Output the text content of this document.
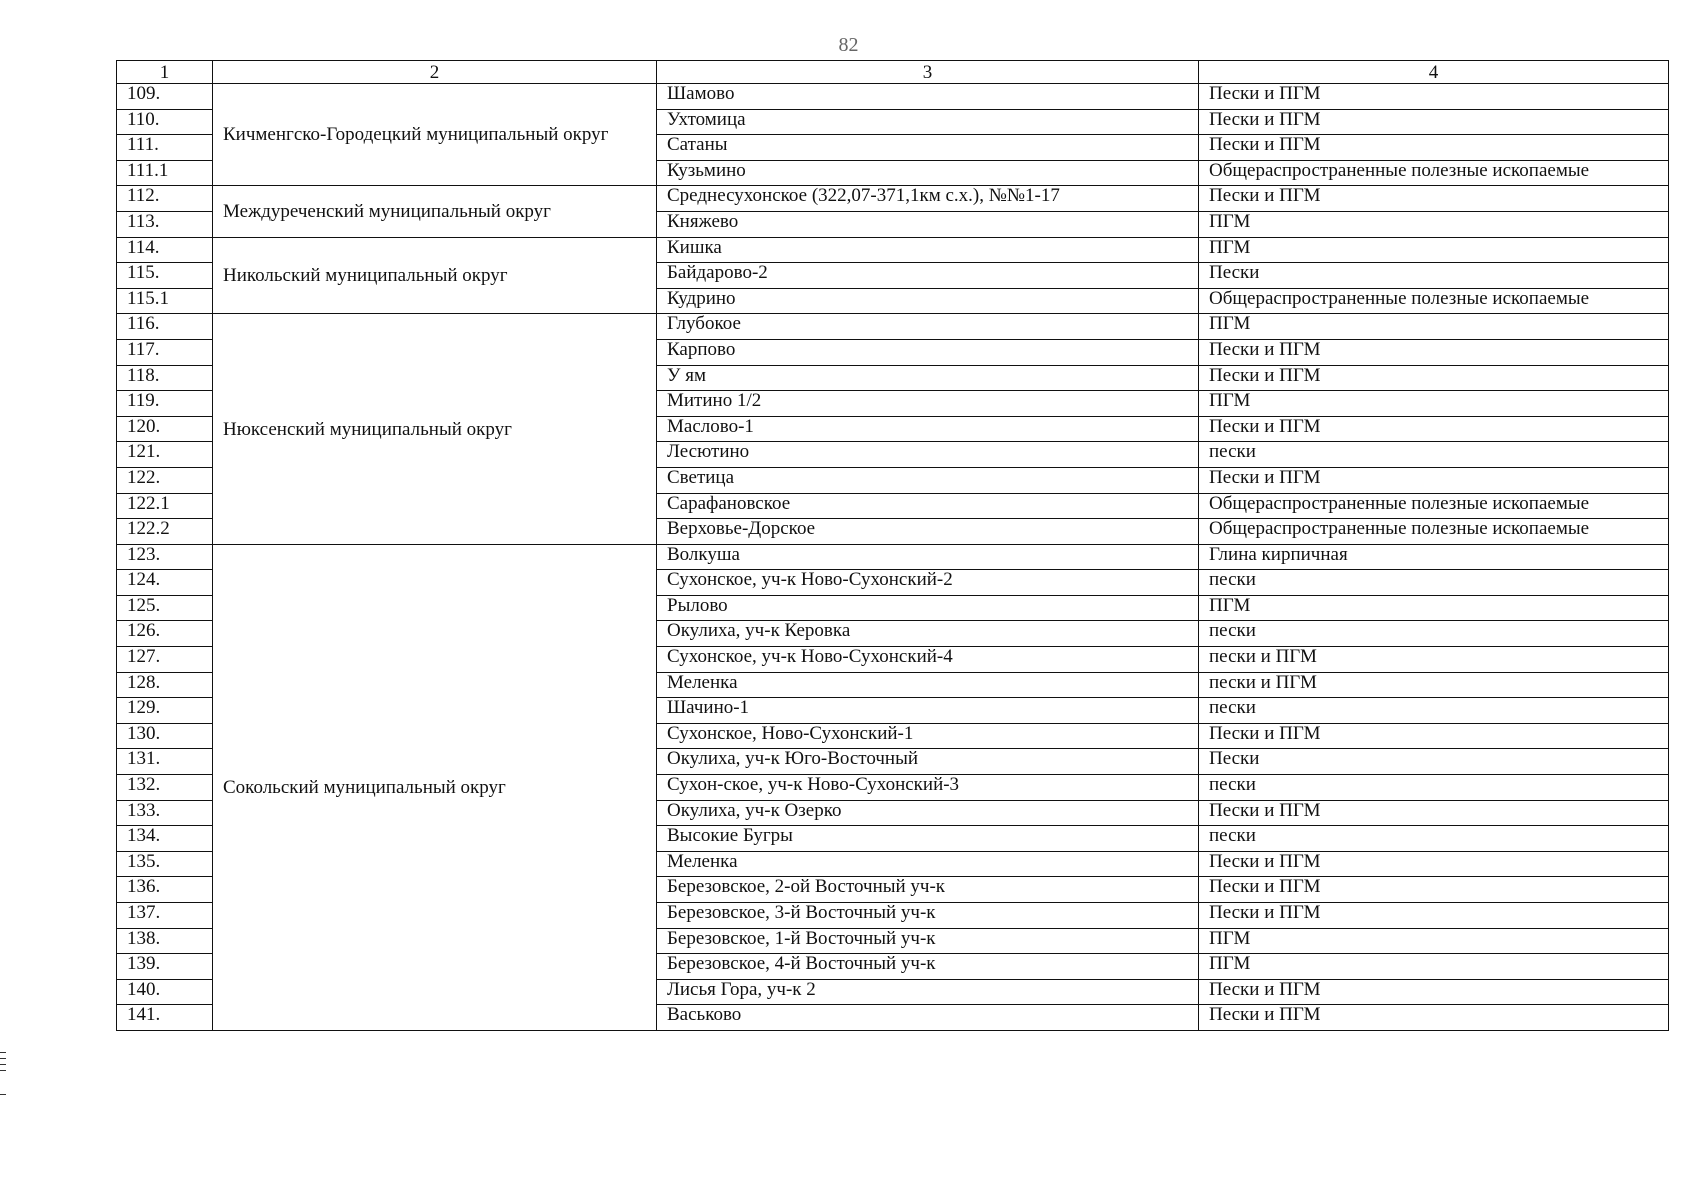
82
1	2	3	4
109.	Кичменгско-Городецкий муниципальный округ	Шамово	Пески и ПГМ
110.		Ухтомица	Пески и ПГМ
111.		Сатаны	Пески и ПГМ
111.1		Кузьмино	Общераспространенные полезные ископаемые
112.	Междуреченский муниципальный округ	Среднесухонское (322,07-371,1км с.х.), №№1-17	Пески и ПГМ
113.		Княжево	ПГМ
114.	Никольский муниципальный округ	Кишка	ПГМ
115.		Байдарово-2	Пески
115.1		Кудрино	Общераспространенные полезные ископаемые
116.	Нюксенский муниципальный округ	Глубокое	ПГМ
117.		Карпово	Пески и ПГМ
118.		У ям	Пески и ПГМ
119.		Митино 1/2	ПГМ
120.		Маслово-1	Пески и ПГМ
121.		Лесютино	пески
122.		Светица	Пески и ПГМ
122.1		Сарафановское	Общераспространенные полезные ископаемые
122.2		Верховье-Дорское	Общераспространенные полезные ископаемые
123.	Сокольский муниципальный округ	Волкуша	Глина кирпичная
124.		Сухонское, уч-к Ново-Сухонский-2	пески
125.		Рылово	ПГМ
126.		Окулиха, уч-к Керовка	пески
127.		Сухонское, уч-к Ново-Сухонский-4	пески и ПГМ
128.		Меленка	пески и ПГМ
129.		Шачино-1	пески
130.		Сухонское, Ново-Сухонский-1	Пески и ПГМ
131.		Окулиха, уч-к Юго-Восточный	Пески
132.		Сухон-ское, уч-к Ново-Сухонский-3	пески
133.		Окулиха, уч-к Озерко	Пески и ПГМ
134.		Высокие Бугры	пески
135.		Меленка	Пески и ПГМ
136.		Березовское, 2-ой Восточный уч-к	Пески и ПГМ
137.		Березовское, 3-й Восточный уч-к	Пески и ПГМ
138.		Березовское, 1-й Восточный уч-к	ПГМ
139.		Березовское, 4-й Восточный уч-к	ПГМ
140.		Лисья Гора, уч-к 2	Пески и ПГМ
141.		Васьково	Пески и ПГМ
